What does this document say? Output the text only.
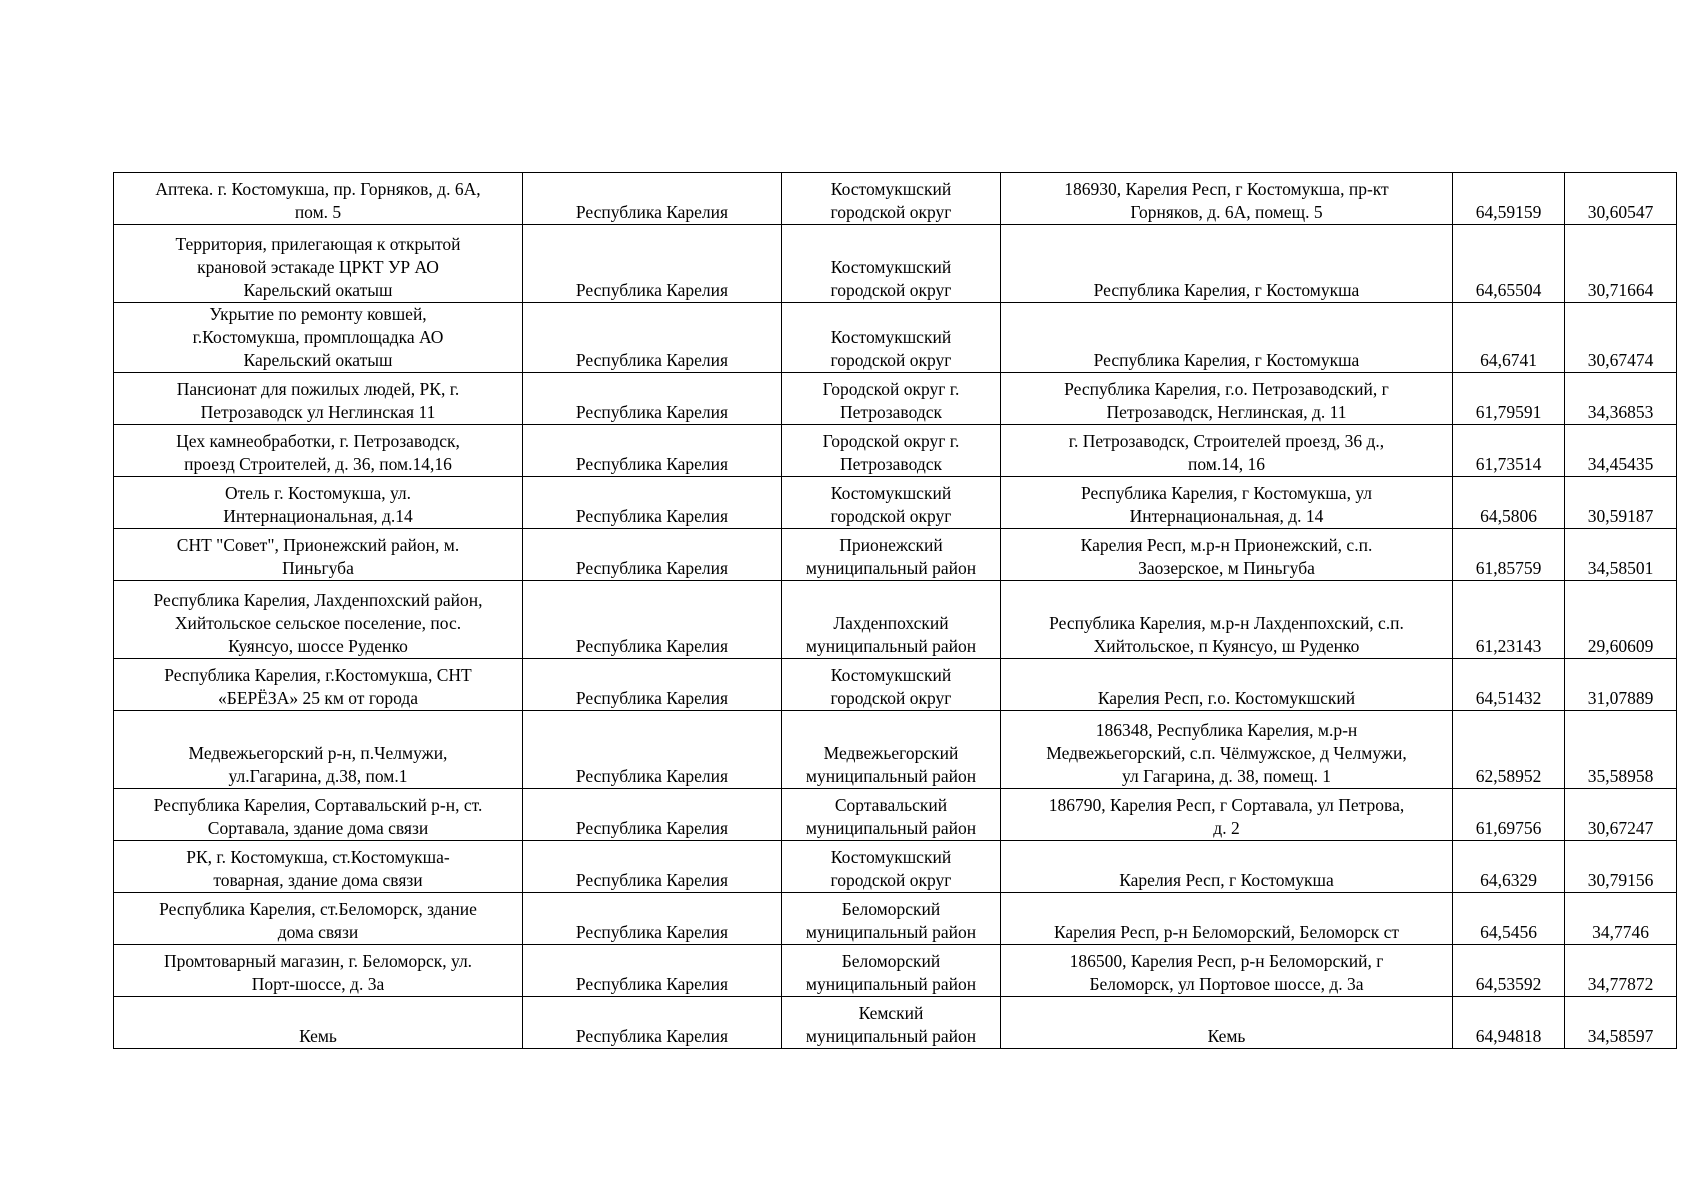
Аптека. г. Костомукша, пр. Горняков, д. 6А,
пом. 5	Республика Карелия	Костомукшский
городской округ	186930, Карелия Респ, г Костомукша, пр-кт
Горняков, д. 6А, помещ. 5	64,59159	30,60547
Территория, прилегающая к открытой
крановой эстакаде ЦРКТ УР АО
Карельский окатыш	Республика Карелия	Костомукшский
городской округ	Республика Карелия, г Костомукша	64,65504	30,71664
Укрытие по ремонту ковшей,
г.Костомукша, промплощадка АО
Карельский окатыш	Республика Карелия	Костомукшский
городской округ	Республика Карелия, г Костомукша	64,6741	30,67474
Пансионат для пожилых людей, РК, г.
Петрозаводск ул Неглинская 11	Республика Карелия	Городской округ г.
Петрозаводск	Республика Карелия, г.о. Петрозаводский, г
Петрозаводск, Неглинская, д. 11	61,79591	34,36853
Цех камнеобработки, г. Петрозаводск,
проезд Строителей, д. 36, пом.14,16	Республика Карелия	Городской округ г.
Петрозаводск	г. Петрозаводск, Строителей проезд, 36 д.,
пом.14, 16	61,73514	34,45435
Отель г. Костомукша, ул.
Интернациональная, д.14	Республика Карелия	Костомукшский
городской округ	Республика Карелия, г Костомукша, ул
Интернациональная, д. 14	64,5806	30,59187
СНТ "Совет", Прионежский район, м.
Пиньгуба	Республика Карелия	Прионежский
муниципальный район	Карелия Респ, м.р-н Прионежский, с.п.
Заозерское, м Пиньгуба	61,85759	34,58501
Республика Карелия, Лахденпохский район,
Хийтольское сельское поселение, пос.
Куянсуо, шоссе Руденко	Республика Карелия	Лахденпохский
муниципальный район	Республика Карелия, м.р-н Лахденпохский, с.п.
Хийтольское, п Куянсуо, ш Руденко	61,23143	29,60609
Республика Карелия, г.Костомукша, СНТ
«БЕРЁЗА» 25 км от города	Республика Карелия	Костомукшский
городской округ	Карелия Респ, г.о. Костомукшский	64,51432	31,07889
Медвежьегорский р-н, п.Челмужи,
ул.Гагарина, д.38, пом.1	Республика Карелия	Медвежьегорский
муниципальный район	186348, Республика Карелия, м.р-н
Медвежьегорский, с.п. Чёлмужское, д Челмужи,
ул Гагарина, д. 38, помещ. 1	62,58952	35,58958
Республика Карелия, Сортавальский р-н, ст.
Сортавала, здание дома связи	Республика Карелия	Сортавальский
муниципальный район	186790, Карелия Респ, г Сортавала, ул Петрова,
д. 2	61,69756	30,67247
РК, г. Костомукша, ст.Костомукша-
товарная, здание дома связи	Республика Карелия	Костомукшский
городской округ	Карелия Респ, г Костомукша	64,6329	30,79156
Республика Карелия, ст.Беломорск, здание
дома связи	Республика Карелия	Беломорский
муниципальный район	Карелия Респ, р-н Беломорский, Беломорск ст	64,5456	34,7746
Промтоварный магазин, г. Беломорск, ул.
Порт-шоссе, д. 3а	Республика Карелия	Беломорский
муниципальный район	186500, Карелия Респ, р-н Беломорский, г
Беломорск, ул Портовое шоссе, д. 3а	64,53592	34,77872
Кемь	Республика Карелия	Кемский
муниципальный район	Кемь	64,94818	34,58597
